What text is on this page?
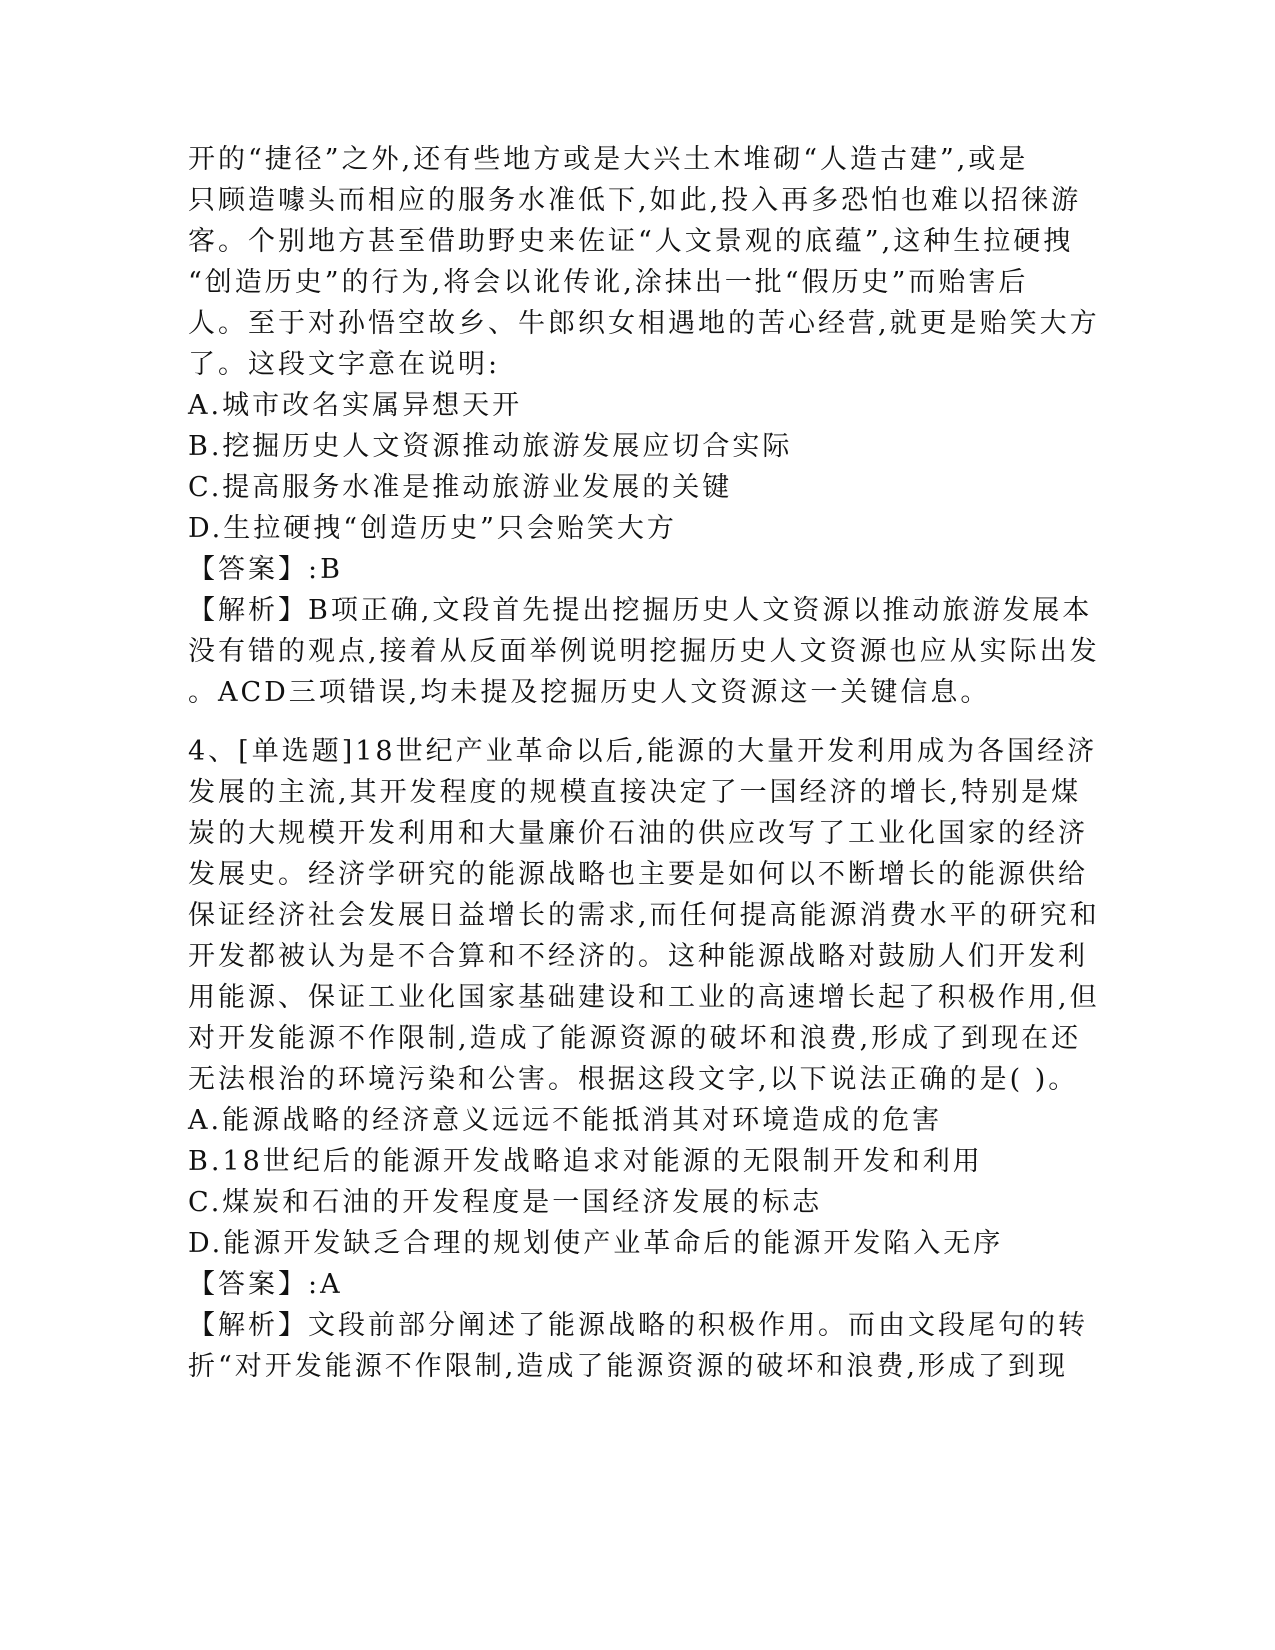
开的“捷径”之外,还有些地方或是大兴土木堆砌“人造古建”,或是
只顾造噱头而相应的服务水准低下,如此,投入再多恐怕也难以招徕游
客。个别地方甚至借助野史来佐证“人文景观的底蕴”,这种生拉硬拽
“创造历史”的行为,将会以讹传讹,涂抹出一批“假历史”而贻害后
人。至于对孙悟空故乡、牛郎织女相遇地的苦心经营,就更是贻笑大方
了。这段文字意在说明:
A.城市改名实属异想天开
B.挖掘历史人文资源推动旅游发展应切合实际
C.提高服务水准是推动旅游业发展的关键
D.生拉硬拽“创造历史”只会贻笑大方
【答案】:B
【解析】B项正确,文段首先提出挖掘历史人文资源以推动旅游发展本
没有错的观点,接着从反面举例说明挖掘历史人文资源也应从实际出发
。ACD三项错误,均未提及挖掘历史人文资源这一关键信息。
4、[单选题]18世纪产业革命以后,能源的大量开发利用成为各国经济
发展的主流,其开发程度的规模直接决定了一国经济的增长,特别是煤
炭的大规模开发利用和大量廉价石油的供应改写了工业化国家的经济
发展史。经济学研究的能源战略也主要是如何以不断增长的能源供给
保证经济社会发展日益增长的需求,而任何提高能源消费水平的研究和
开发都被认为是不合算和不经济的。这种能源战略对鼓励人们开发利
用能源、保证工业化国家基础建设和工业的高速增长起了积极作用,但
对开发能源不作限制,造成了能源资源的破坏和浪费,形成了到现在还
无法根治的环境污染和公害。根据这段文字,以下说法正确的是( )。
A.能源战略的经济意义远远不能抵消其对环境造成的危害
B.18世纪后的能源开发战略追求对能源的无限制开发和利用
C.煤炭和石油的开发程度是一国经济发展的标志
D.能源开发缺乏合理的规划使产业革命后的能源开发陷入无序
【答案】:A
【解析】文段前部分阐述了能源战略的积极作用。而由文段尾句的转
折“对开发能源不作限制,造成了能源资源的破坏和浪费,形成了到现
